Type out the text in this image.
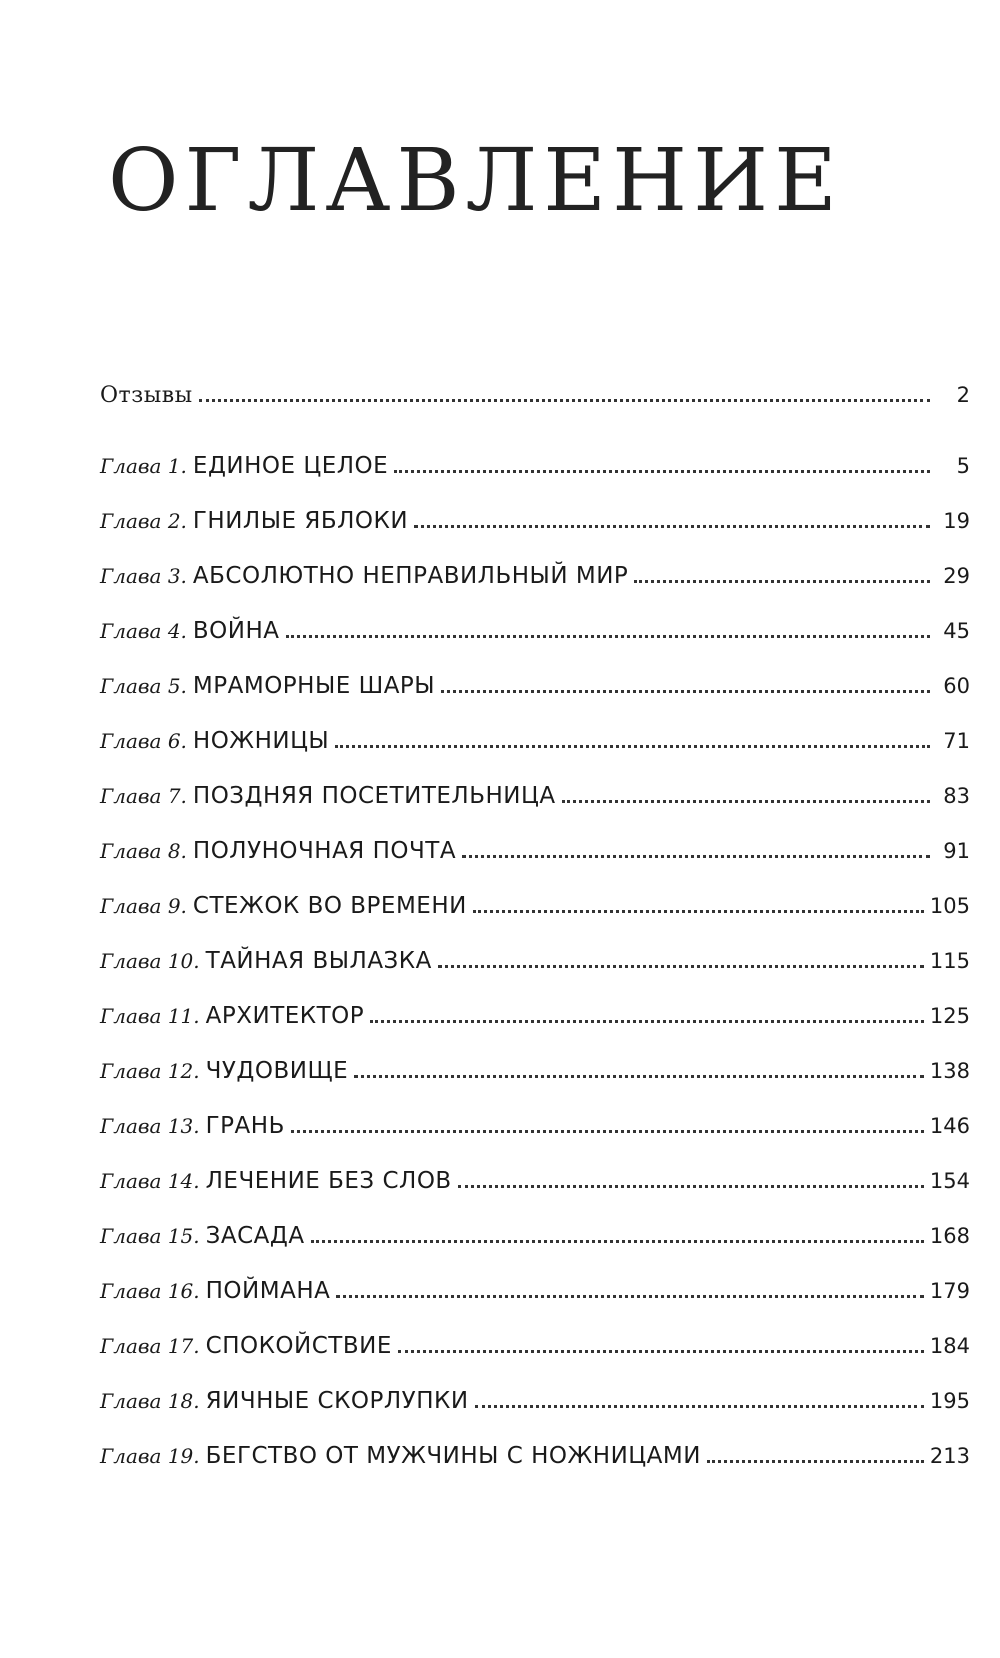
ОГЛАВЛЕНИЕ
Отзывы	2
Глава 1. ЕДИНОЕ ЦЕЛОЕ	5
Глава 2. ГНИЛЫЕ ЯБЛОКИ	19
Глава 3. АБСОЛЮТНО НЕПРАВИЛЬНЫЙ МИР	29
Глава 4. ВОЙНА	45
Глава 5. МРАМОРНЫЕ ШАРЫ	60
Глава 6. НОЖНИЦЫ	71
Глава 7. ПОЗДНЯЯ ПОСЕТИТЕЛЬНИЦА	83
Глава 8. ПОЛУНОЧНАЯ ПОЧТА	91
Глава 9. СТЕЖОК ВО ВРЕМЕНИ	105
Глава 10. ТАЙНАЯ ВЫЛАЗКА	115
Глава 11. АРХИТЕКТОР	125
Глава 12. ЧУДОВИЩЕ	138
Глава 13. ГРАНЬ	146
Глава 14. ЛЕЧЕНИЕ БЕЗ СЛОВ	154
Глава 15. ЗАСАДА	168
Глава 16. ПОЙМАНА	179
Глава 17. СПОКОЙСТВИЕ	184
Глава 18. ЯИЧНЫЕ СКОРЛУПКИ	195
Глава 19. БЕГСТВО ОТ МУЖЧИНЫ С НОЖНИЦАМИ	213
